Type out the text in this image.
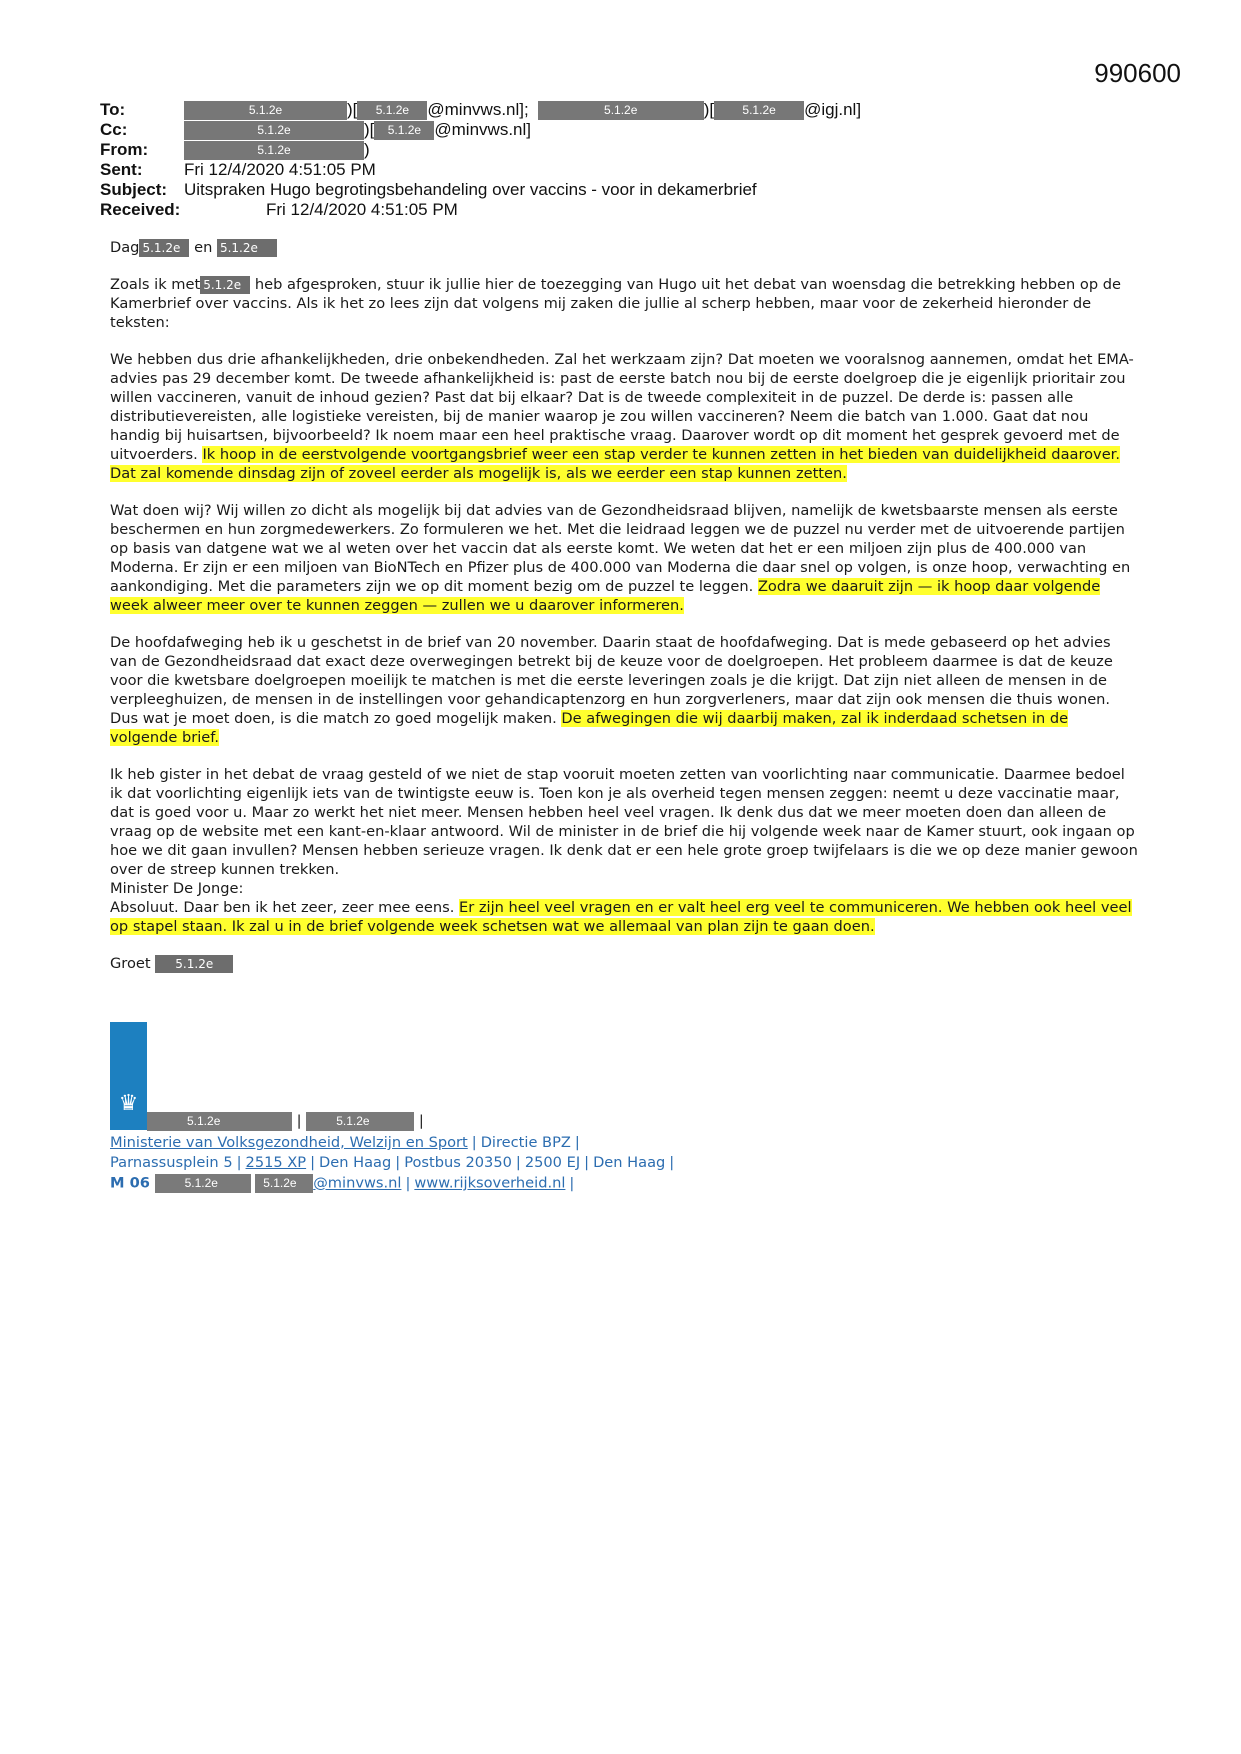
990600
To:	5.1.2e	)[	5.1.2e	@minvws.nl];	5.1.2e	)[	5.1.2e	@igj.nl]
Cc:	5.1.2e	)[	5.1.2e @minvws.nl]
From:	5.1.2e	)
Sent:	Fri 12/4/2020 4:51:05 PM
Subject: Uitspraken Hugo begrotingsbehandeling over vaccins - voor in dekamerbrief
Received:	Fri 12/4/2020 4:51:05 PM

Dag 5.1.2e en 5.1.2e

Zoals ik met 5.1.2e heb afgesproken, stuur ik jullie hier de toezegging van Hugo uit het debat van woensdag die betrekking hebben op de Kamerbrief over vaccins. Als ik het zo lees zijn dat volgens mij zaken die jullie al scherp hebben, maar voor de zekerheid hieronder de teksten:

We hebben dus drie afhankelijkheden, drie onbekendheden. Zal het werkzaam zijn? Dat moeten we vooralsnog aannemen, omdat het EMA-advies pas 29 december komt. De tweede afhankelijkheid is: past de eerste batch nou bij de eerste doelgroep die je eigenlijk prioritair zou willen vaccineren, vanuit de inhoud gezien? Past dat bij elkaar? Dat is de tweede complexiteit in de puzzel. De derde is: passen alle distributievereisten, alle logistieke vereisten, bij de manier waarop je zou willen vaccineren? Neem die batch van 1.000. Gaat dat nou handig bij huisartsen, bijvoorbeeld? Ik noem maar een heel praktische vraag. Daarover wordt op dit moment het gesprek gevoerd met de uitvoerders. Ik hoop in de eerstvolgende voortgangsbrief weer een stap verder te kunnen zetten in het bieden van duidelijkheid daarover. Dat zal komende dinsdag zijn of zoveel eerder als mogelijk is, als we eerder een stap kunnen zetten.

Wat doen wij? Wij willen zo dicht als mogelijk bij dat advies van de Gezondheidsraad blijven, namelijk de kwetsbaarste mensen als eerste beschermen en hun zorgmedewerkers. Zo formuleren we het. Met die leidraad leggen we de puzzel nu verder met de uitvoerende partijen op basis van datgene wat we al weten over het vaccin dat als eerste komt. We weten dat het er een miljoen zijn plus de 400.000 van Moderna. Er zijn er een miljoen van BioNTech en Pfizer plus de 400.000 van Moderna die daar snel op volgen, is onze hoop, verwachting en aankondiging. Met die parameters zijn we op dit moment bezig om de puzzel te leggen. Zodra we daaruit zijn — ik hoop daar volgende week alweer meer over te kunnen zeggen — zullen we u daarover informeren.

De hoofdafweging heb ik u geschetst in de brief van 20 november. Daarin staat de hoofdafweging. Dat is mede gebaseerd op het advies van de Gezondheidsraad dat exact deze overwegingen betrekt bij de keuze voor de doelgroepen. Het probleem daarmee is dat de keuze voor die kwetsbare doelgroepen moeilijk te matchen is met die eerste leveringen zoals je die krijgt. Dat zijn niet alleen de mensen in de verpleeghuizen, de mensen in de instellingen voor gehandicaptenzorg en hun zorgverleners, maar dat zijn ook mensen die thuis wonen. Dus wat je moet doen, is die match zo goed mogelijk maken. De afwegingen die wij daarbij maken, zal ik inderdaad schetsen in de volgende brief.

Ik heb gister in het debat de vraag gesteld of we niet de stap vooruit moeten zetten van voorlichting naar communicatie. Daarmee bedoel ik dat voorlichting eigenlijk iets van de twintigste eeuw is. Toen kon je als overheid tegen mensen zeggen: neemt u deze vaccinatie maar, dat is goed voor u. Maar zo werkt het niet meer. Mensen hebben heel veel vragen. Ik denk dus dat we meer moeten doen dan alleen de vraag op de website met een kant-en-klaar antwoord. Wil de minister in de brief die hij volgende week naar de Kamer stuurt, ook ingaan op hoe we dit gaan invullen? Mensen hebben serieuze vragen. Ik denk dat er een hele grote groep twijfelaars is die we op deze manier gewoon over de streep kunnen trekken.
Minister De Jonge:
Absoluut. Daar ben ik het zeer, zeer mee eens. Er zijn heel veel vragen en er valt heel erg veel te communiceren. We hebben ook heel veel op stapel staan. Ik zal u in de brief volgende week schetsen wat we allemaal van plan zijn te gaan doen.

Groet 5.1.2e

♛
5.1.2e	|	5.1.2e	|
Ministerie van Volksgezondheid, Welzijn en Sport | Directie BPZ |
Parnassusplein 5 | 2515 XP | Den Haag | Postbus 20350 | 2500 EJ | Den Haag |
M 06	5.1.2e	5.1.2e @minvws.nl | www.rijksoverheid.nl |
